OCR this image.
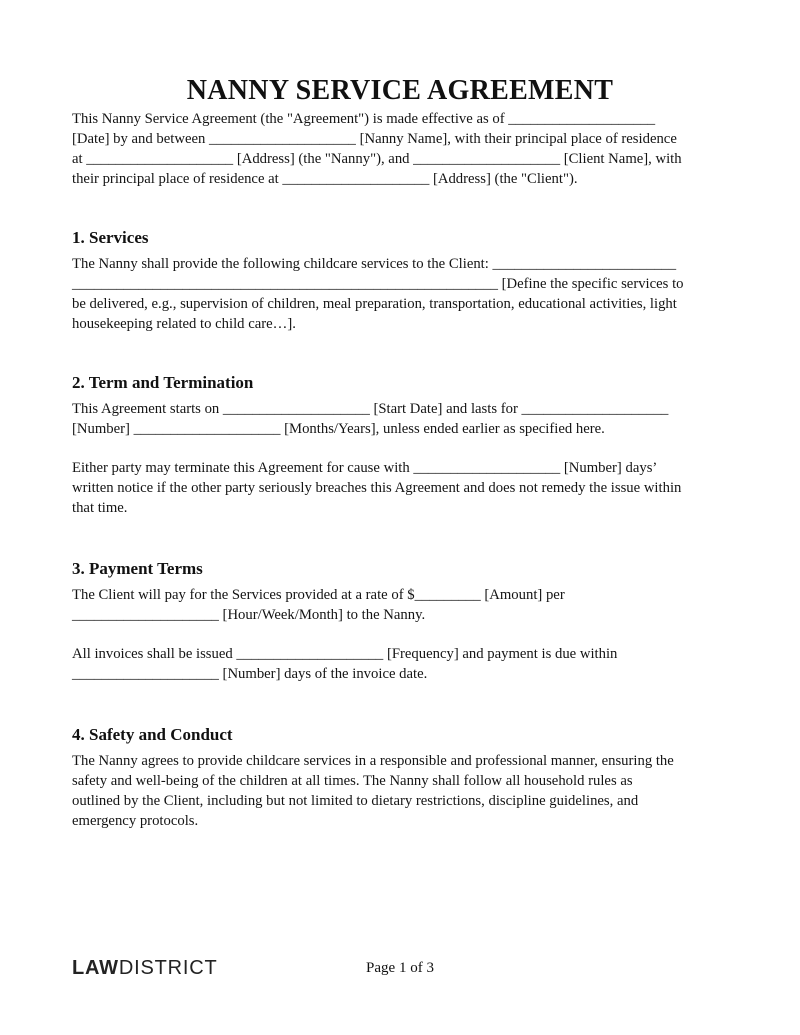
NANNY SERVICE AGREEMENT

This Nanny Service Agreement (the "Agreement") is made effective as of ____________________
[Date] by and between ____________________ [Nanny Name], with their principal place of residence
at ____________________ [Address] (the "Nanny"), and ____________________ [Client Name], with
their principal place of residence at ____________________ [Address] (the "Client").

1. Services

The Nanny shall provide the following childcare services to the Client: _________________________
__________________________________________________________ [Define the specific services to
be delivered, e.g., supervision of children, meal preparation, transportation, educational activities, light
housekeeping related to child care…].

2. Term and Termination

This Agreement starts on ____________________ [Start Date] and lasts for ____________________
[Number] ____________________ [Months/Years], unless ended earlier as specified here.

Either party may terminate this Agreement for cause with ____________________ [Number] days’
written notice if the other party seriously breaches this Agreement and does not remedy the issue within
that time.

3. Payment Terms

The Client will pay for the Services provided at a rate of $_________ [Amount] per
____________________ [Hour/Week/Month] to the Nanny.

All invoices shall be issued ____________________ [Frequency] and payment is due within
____________________ [Number] days of the invoice date.

4. Safety and Conduct

The Nanny agrees to provide childcare services in a responsible and professional manner, ensuring the
safety and well-being of the children at all times. The Nanny shall follow all household rules as
outlined by the Client, including but not limited to dietary restrictions, discipline guidelines, and
emergency protocols.

LAWDISTRICT	Page 1 of 3
